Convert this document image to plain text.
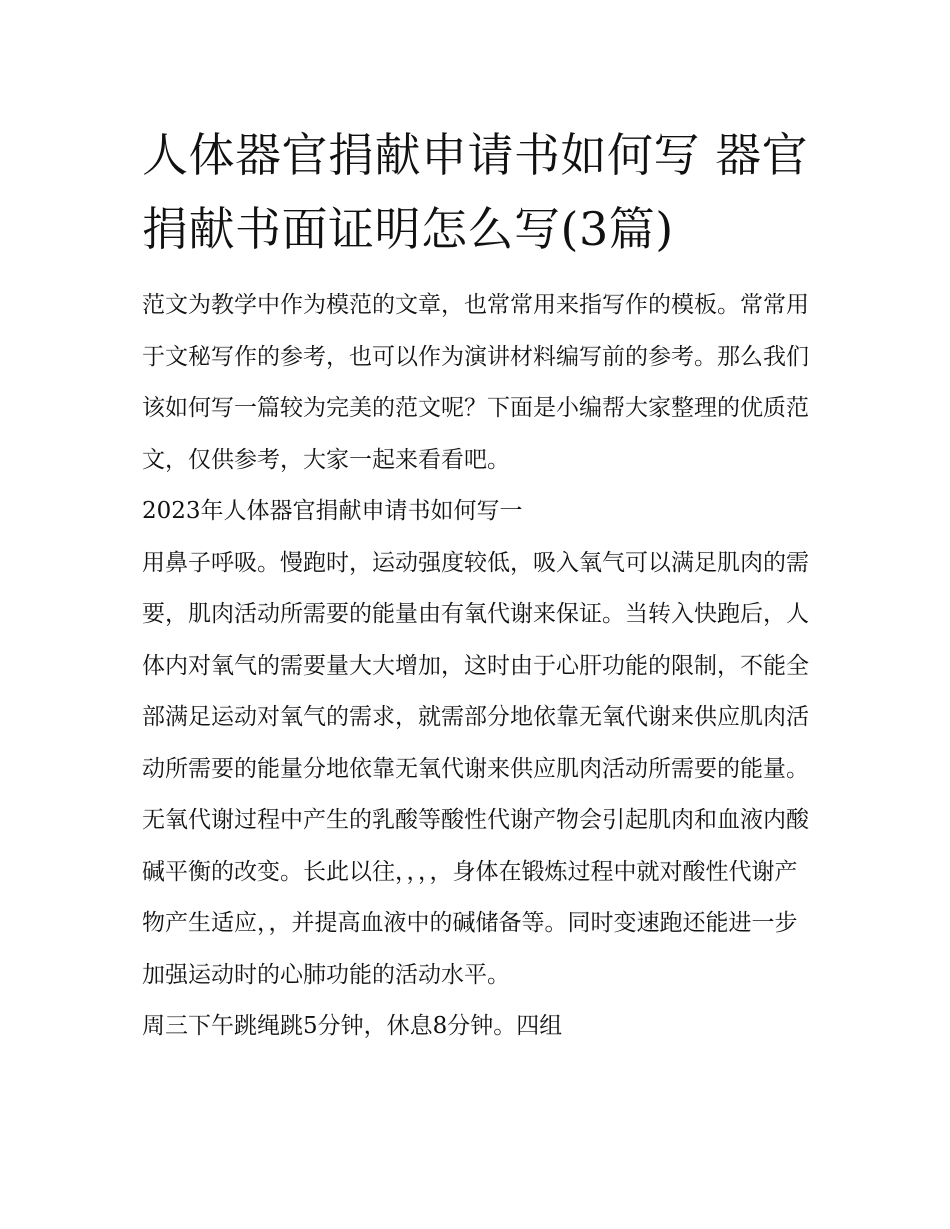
人体器官捐献申请书如何写 器官捐献书面证明怎么写(3篇)

范文为教学中作为模范的文章，也常常用来指写作的模板。常常用于文秘写作的参考，也可以作为演讲材料编写前的参考。那么我们该如何写一篇较为完美的范文呢？下面是小编帮大家整理的优质范文，仅供参考，大家一起来看看吧。

2023年人体器官捐献申请书如何写一

用鼻子呼吸。慢跑时，运动强度较低，吸入氧气可以满足肌肉的需要，肌肉活动所需要的能量由有氧代谢来保证。当转入快跑后，人体内对氧气的需要量大大增加，这时由于心肝功能的限制，不能全部满足运动对氧气的需求，就需部分地依靠无氧代谢来供应肌肉活动所需要的能量分地依靠无氧代谢来供应肌肉活动所需要的能量。无氧代谢过程中产生的乳酸等酸性代谢产物会引起肌肉和血液内酸碱平衡的改变。长此以往，，，，身体在锻炼过程中就对酸性代谢产物产生适应，，并提高血液中的碱储备等。同时变速跑还能进一步加强运动时的心肺功能的活动水平。

周三下午跳绳跳5分钟，休息8分钟。四组
